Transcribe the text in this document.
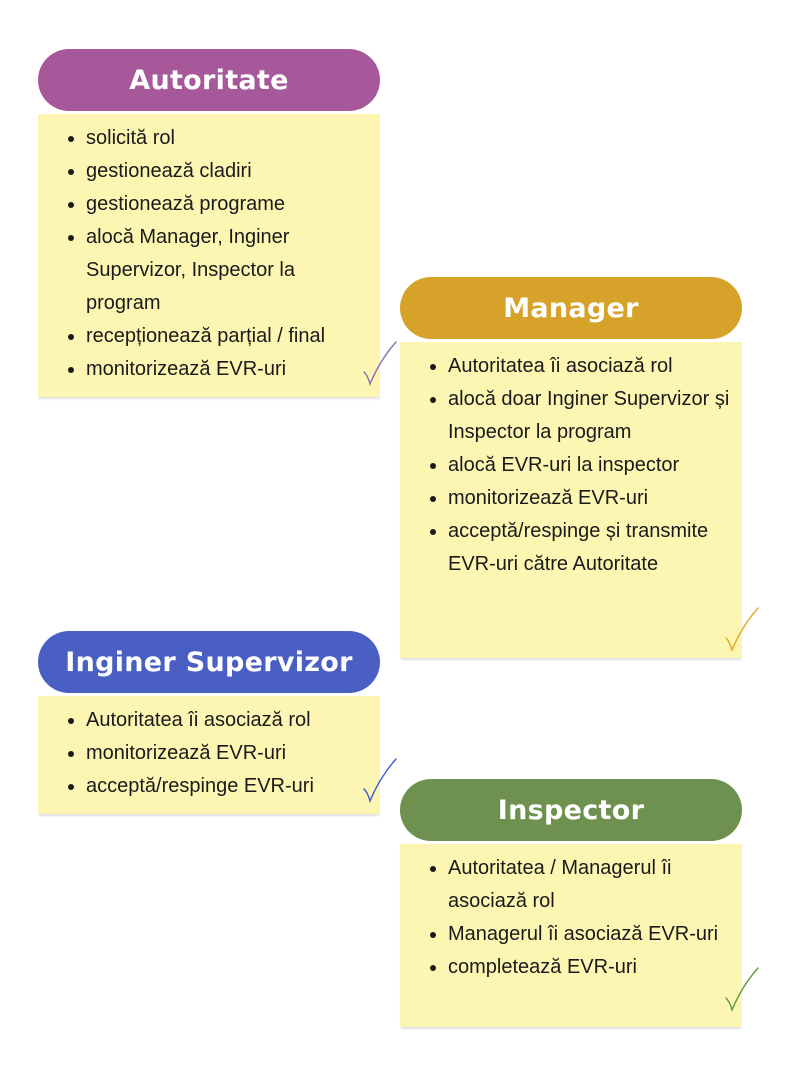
Autoritate
• solicită rol
• gestionează cladiri
• gestionează programe
• alocă Manager, Inginer Supervizor, Inspector la program
• recepționează parțial / final
• monitorizează EVR-uri
Manager
• Autoritatea îi asociază rol
• alocă doar Inginer Supervizor și Inspector la program
• alocă EVR-uri la inspector
• monitorizează EVR-uri
• acceptă/respinge și transmite EVR-uri către Autoritate
Inginer Supervizor
• Autoritatea îi asociază rol
• monitorizează EVR-uri
• acceptă/respinge EVR-uri
Inspector
• Autoritatea / Managerul îi asociază rol
• Managerul îi asociază EVR-uri
• completează EVR-uri
